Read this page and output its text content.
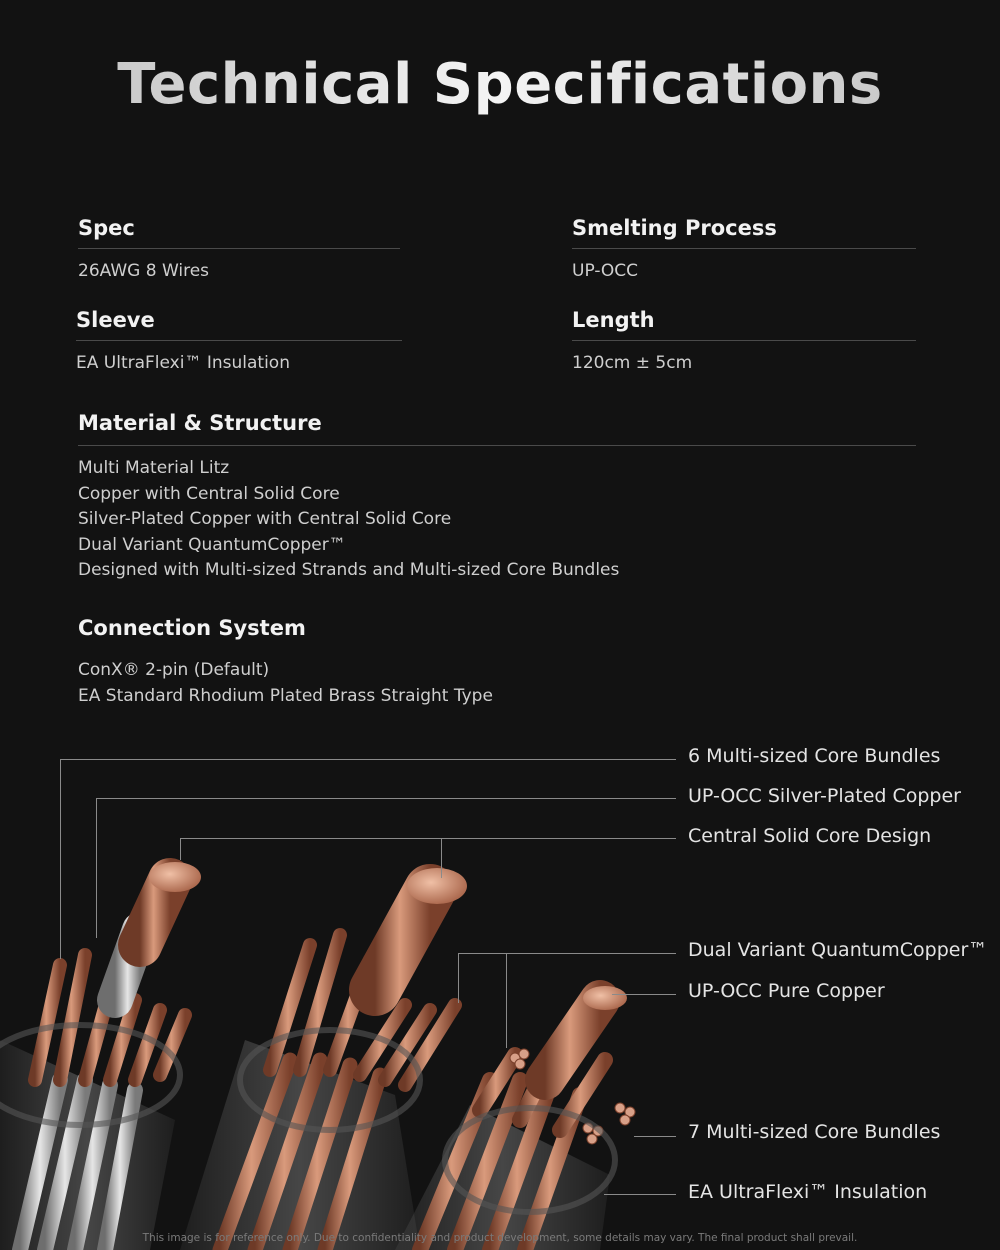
Technical Specifications
Spec
26AWG 8 Wires
Smelting Process
UP-OCC
Sleeve
EA UltraFlexi™ Insulation
Length
120cm ± 5cm
Material & Structure
Multi Material Litz
Copper with Central Solid Core
Silver-Plated Copper with Central Solid Core
Dual Variant QuantumCopper™
Designed with Multi-sized Strands and Multi-sized Core Bundles
Connection System
ConX® 2-pin (Default)
EA Standard Rhodium Plated Brass Straight Type
6 Multi-sized Core Bundles
UP-OCC Silver-Plated Copper
Central Solid Core Design
Dual Variant QuantumCopper™
UP-OCC Pure Copper
7 Multi-sized Core Bundles
EA UltraFlexi™ Insulation
This image is for reference only. Due to confidentiality and product development, some details may vary. The final product shall prevail.
